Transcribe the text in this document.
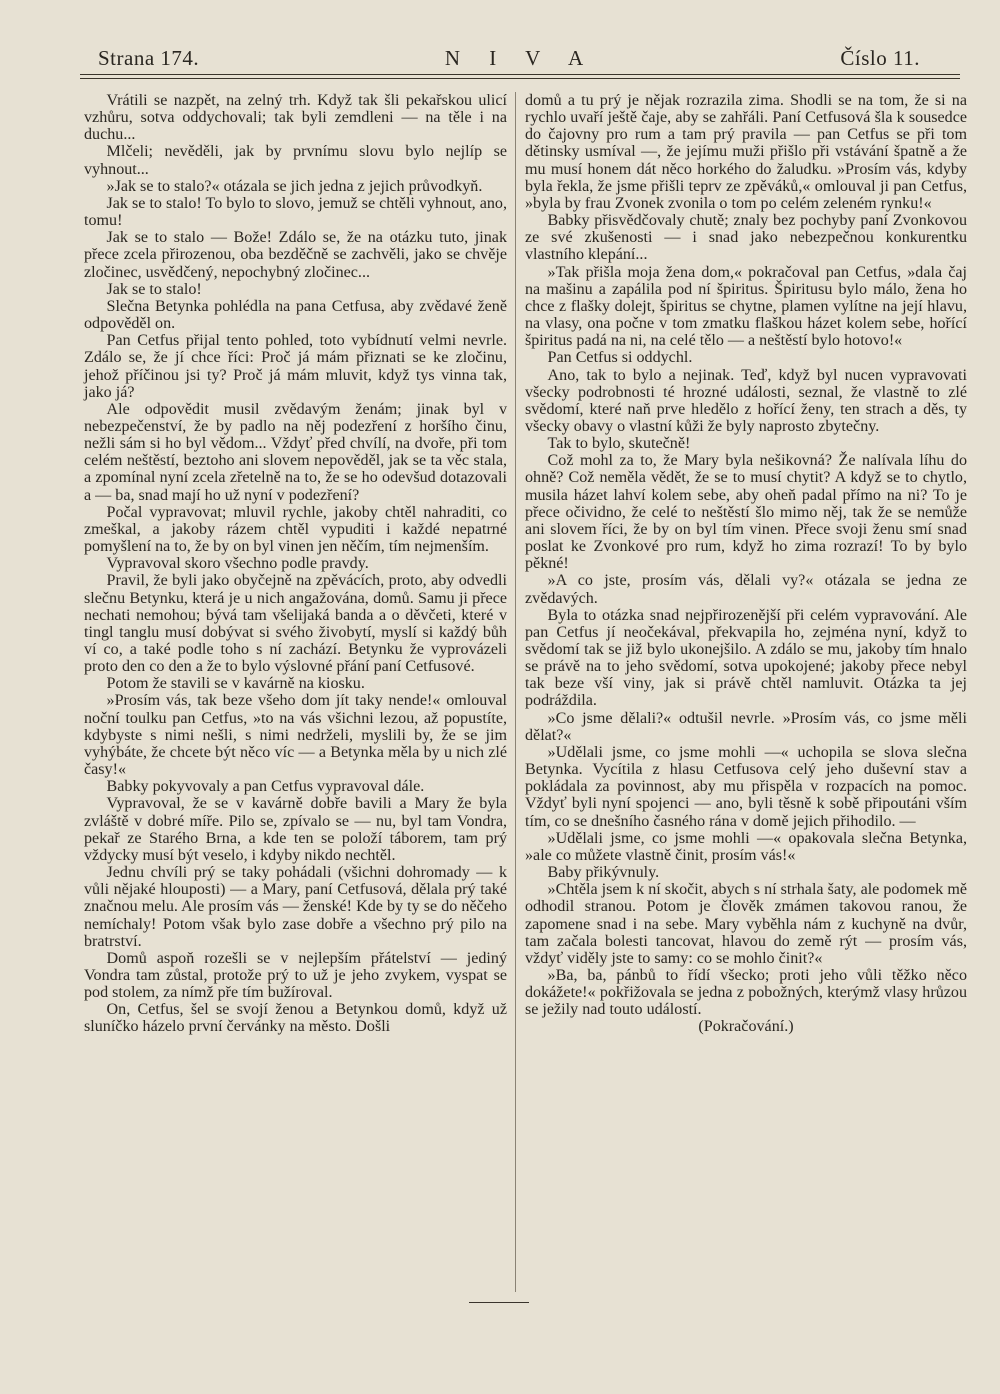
Strana 174.	N I V A	Číslo 11.

Vrátili se nazpět, na zelný trh. Když tak šli pekařskou ulicí vzhůru, sotva oddychovali; tak byli zemdleni — na těle i na duchu...

Mlčeli; nevěděli, jak by prvnímu slovu bylo nejlíp se vyhnout...

»Jak se to stalo?« otázala se jich jedna z jejich průvodkyň.

Jak se to stalo! To bylo to slovo, jemuž se chtěli vyhnout, ano, tomu!

Jak se to stalo — Bože! Zdálo se, že na otázku tuto, jinak přece zcela přirozenou, oba bezděčně se zachvěli, jako se chvěje zločinec, usvědčený, nepochybný zločinec...

Jak se to stalo!

Slečna Betynka pohlédla na pana Cetfusa, aby zvědavé ženě odpověděl on.

Pan Cetfus přijal tento pohled, toto vybídnutí velmi nevrle. Zdálo se, že jí chce říci: Proč já mám přiznati se ke zločinu, jehož příčinou jsi ty? Proč já mám mluvit, když tys vinna tak, jako já?

Ale odpovědit musil zvědavým ženám; jinak byl v nebezpečenství, že by padlo na něj podezření z horšího činu, nežli sám si ho byl vědom... Vždyť před chvílí, na dvoře, při tom celém neštěstí, beztoho ani slovem nepověděl, jak se ta věc stala, a zpomínal nyní zcela zřetelně na to, že se ho odevšud dotazovali a — ba, snad mají ho už nyní v podezření?

Počal vypravovat; mluvil rychle, jakoby chtěl nahraditi, co zmeškal, a jakoby rázem chtěl vypuditi i každé nepatrné pomyšlení na to, že by on byl vinen jen něčím, tím nejmenším.

Vypravoval skoro všechno podle pravdy.

Pravil, že byli jako obyčejně na zpěvácích, proto, aby odvedli slečnu Betynku, která je u nich angažována, domů. Samu ji přece nechati nemohou; bývá tam všelijaká banda a o děvčeti, které v tingl tanglu musí dobývat si svého živobytí, myslí si každý bůh ví co, a také podle toho s ní zachází. Betynku že vyprovázeli proto den co den a že to bylo výslovné přání paní Cetfusové.

Potom že stavili se v kavárně na kiosku.

»Prosím vás, tak beze všeho dom jít taky nende!« omlouval noční toulku pan Cetfus, »to na vás všichni lezou, až popustíte, kdybyste s nimi nešli, s nimi nedrželi, myslili by, že se jim vyhýbáte, že chcete být něco víc — a Betynka měla by u nich zlé časy!«

Babky pokyvovaly a pan Cetfus vypravoval dále.

Vypravoval, že se v kavárně dobře bavili a Mary že byla zvláště v dobré míře. Pilo se, zpívalo se — nu, byl tam Vondra, pekař ze Starého Brna, a kde ten se položí táborem, tam prý vždycky musí být veselo, i kdyby nikdo nechtěl.

Jednu chvíli prý se taky pohádali (všichni dohromady — k vůli nějaké hlouposti) — a Mary, paní Cetfusová, dělala prý také značnou melu. Ale prosím vás — ženské! Kde by ty se do něčeho nemíchaly! Potom však bylo zase dobře a všechno prý pilo na bratrství.

Domů aspoň rozešli se v nejlepším přátelství — jediný Vondra tam zůstal, protože prý to už je jeho zvykem, vyspat se pod stolem, za nímž pře tím bužíroval.

On, Cetfus, šel se svojí ženou a Betynkou domů, když už sluníčko házelo první červánky na město. Došli

domů a tu prý je nějak rozrazila zima. Shodli se na tom, že si na rychlo uvaří ještě čaje, aby se zahřáli. Paní Cetfusová šla k sousedce do čajovny pro rum a tam prý pravila — pan Cetfus se při tom dětinsky usmíval —, že jejímu muži přišlo při vstávání špatně a že mu musí honem dát něco horkého do žaludku. »Prosím vás, kdyby byla řekla, že jsme přišli teprv ze zpěváků,« omlouval ji pan Cetfus, »byla by frau Zvonek zvonila o tom po celém zeleném rynku!«

Babky přisvědčovaly chutě; znaly bez pochyby paní Zvonkovou ze své zkušenosti — i snad jako nebezpečnou konkurentku vlastního klepání...

»Tak přišla moja žena dom,« pokračoval pan Cetfus, »dala čaj na mašinu a zapálila pod ní špiritus. Špiritusu bylo málo, žena ho chce z flašky dolejt, špiritus se chytne, plamen vylítne na její hlavu, na vlasy, ona počne v tom zmatku flaškou házet kolem sebe, hořící špiritus padá na ni, na celé tělo — a neštěstí bylo hotovo!«

Pan Cetfus si oddychl.

Ano, tak to bylo a nejinak. Teď, když byl nucen vypravovati všecky podrobnosti té hrozné události, seznal, že vlastně to zlé svědomí, které naň prve hledělo z hořící ženy, ten strach a děs, ty všecky obavy o vlastní kůži že byly naprosto zbytečny.

Tak to bylo, skutečně!

Což mohl za to, že Mary byla nešikovná? Že nalívala líhu do ohně? Což neměla vědět, že se to musí chytit? A když se to chytlo, musila házet lahví kolem sebe, aby oheň padal přímo na ni? To je přece očividno, že celé to neštěstí šlo mimo něj, tak že se nemůže ani slovem říci, že by on byl tím vinen. Přece svoji ženu smí snad poslat ke Zvonkové pro rum, když ho zima rozrazí! To by bylo pěkné!

»A co jste, prosím vás, dělali vy?« otázala se jedna ze zvědavých.

Byla to otázka snad nejpřirozenější při celém vypravování. Ale pan Cetfus jí neočekával, překvapila ho, zejména nyní, když to svědomí tak se již bylo ukonejšilo. A zdálo se mu, jakoby tím hnalo se právě na to jeho svědomí, sotva upokojené; jakoby přece nebyl tak beze vší viny, jak si právě chtěl namluvit. Otázka ta jej podráždila.

»Co jsme dělali?« odtušil nevrle. »Prosím vás, co jsme měli dělat?«

»Udělali jsme, co jsme mohli —« uchopila se slova slečna Betynka. Vycítila z hlasu Cetfusova celý jeho duševní stav a pokládala za povinnost, aby mu přispěla v rozpacích na pomoc. Vždyť byli nyní spojenci — ano, byli těsně k sobě připoutáni vším tím, co se dnešního časného rána v domě jejich přihodilo. —

»Udělali jsme, co jsme mohli —« opakovala slečna Betynka, »ale co můžete vlastně činit, prosím vás!«

Baby přikývnuly.

»Chtěla jsem k ní skočit, abych s ní strhala šaty, ale podomek mě odhodil stranou. Potom je člověk zmámen takovou ranou, že zapomene snad i na sebe. Mary vyběhla nám z kuchyně na dvůr, tam začala bolesti tancovat, hlavou do země rýt — prosím vás, vždyť viděly jste to samy: co se mohlo činit?«

»Ba, ba, pánbů to řídí všecko; proti jeho vůli těžko něco dokážete!« pokřižovala se jedna z pobožných, kterýmž vlasy hrůzou se ježily nad touto událostí.

(Pokračování.)
